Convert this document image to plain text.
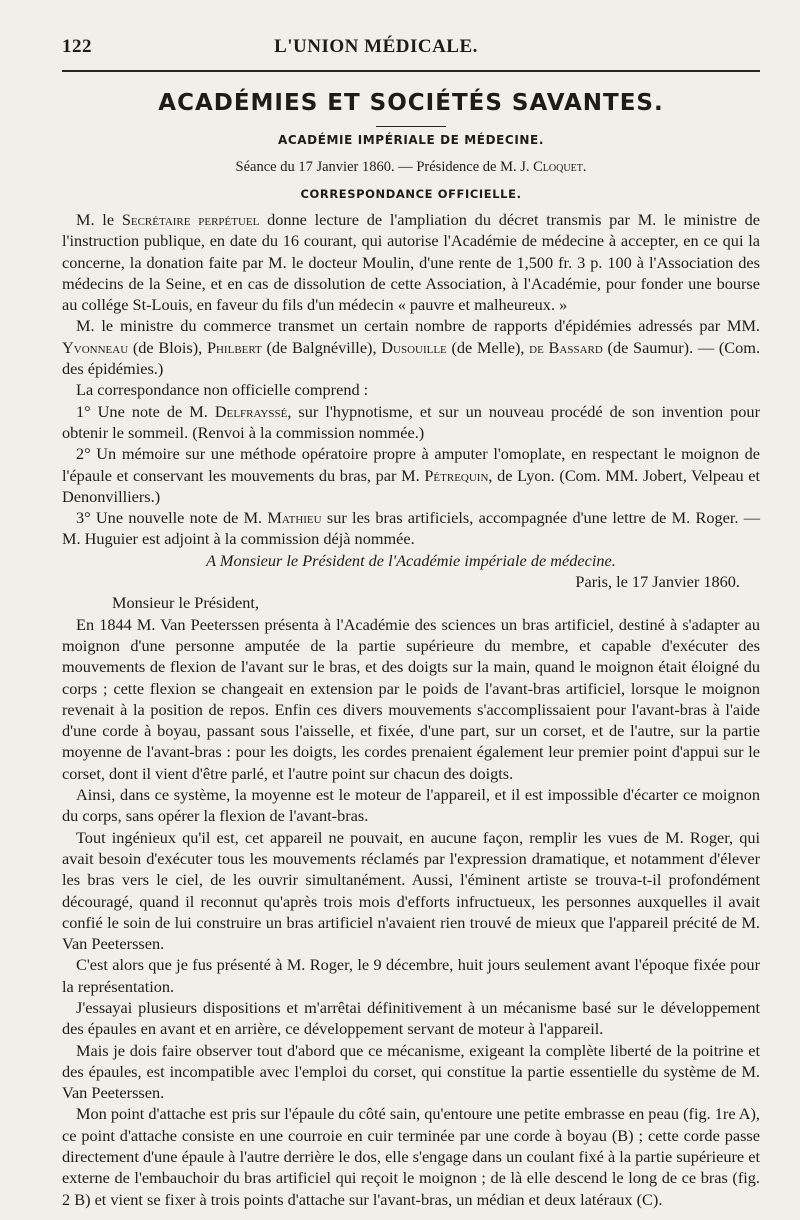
122	L'UNION MÉDICALE.
ACADÉMIES ET SOCIÉTÉS SAVANTES.
ACADÉMIE IMPÉRIALE DE MÉDECINE.
Séance du 17 Janvier 1860. — Présidence de M. J. Cloquet.
CORRESPONDANCE OFFICIELLE.

M. le Secrétaire perpétuel donne lecture de l'ampliation du décret transmis par M. le ministre de l'instruction publique, en date du 16 courant, qui autorise l'Académie de médecine à accepter, en ce qui la concerne, la donation faite par M. le docteur Moulin, d'une rente de 1,500 fr. 3 p. 100 à l'Association des médecins de la Seine, et en cas de dissolution de cette Association, à l'Académie, pour fonder une bourse au collége St-Louis, en faveur du fils d'un médecin « pauvre et malheureux. »

M. le ministre du commerce transmet un certain nombre de rapports d'épidémies adressés par MM. Yvonneau (de Blois), Philbert (de Balgnéville), Dusouille (de Melle), de Bassard (de Saumur). — (Com. des épidémies.)

La correspondance non officielle comprend :

1° Une note de M. Delfrayssé, sur l'hypnotisme, et sur un nouveau procédé de son invention pour obtenir le sommeil. (Renvoi à la commission nommée.)

2° Un mémoire sur une méthode opératoire propre à amputer l'omoplate, en respectant le moignon de l'épaule et conservant les mouvements du bras, par M. Pétrequin, de Lyon. (Com. MM. Jobert, Velpeau et Denonvilliers.)

3° Une nouvelle note de M. Mathieu sur les bras artificiels, accompagnée d'une lettre de M. Roger. — M. Huguier est adjoint à la commission déjà nommée.

A Monsieur le Président de l'Académie impériale de médecine.

Paris, le 17 Janvier 1860.

Monsieur le Président,

En 1844 M. Van Peeterssen présenta à l'Académie des sciences un bras artificiel, destiné à s'adapter au moignon d'une personne amputée de la partie supérieure du membre, et capable d'exécuter des mouvements de flexion de l'avant sur le bras, et des doigts sur la main, quand le moignon était éloigné du corps ; cette flexion se changeait en extension par le poids de l'avant-bras artificiel, lorsque le moignon revenait à la position de repos. Enfin ces divers mouvements s'accomplissaient pour l'avant-bras à l'aide d'une corde à boyau, passant sous l'aisselle, et fixée, d'une part, sur un corset, et de l'autre, sur la partie moyenne de l'avant-bras : pour les doigts, les cordes prenaient également leur premier point d'appui sur le corset, dont il vient d'être parlé, et l'autre point sur chacun des doigts.

Ainsi, dans ce système, la moyenne est le moteur de l'appareil, et il est impossible d'écarter ce moignon du corps, sans opérer la flexion de l'avant-bras.

Tout ingénieux qu'il est, cet appareil ne pouvait, en aucune façon, remplir les vues de M. Roger, qui avait besoin d'exécuter tous les mouvements réclamés par l'expression dramatique, et notamment d'élever les bras vers le ciel, de les ouvrir simultanément. Aussi, l'éminent artiste se trouva-t-il profondément découragé, quand il reconnut qu'après trois mois d'efforts infructueux, les personnes auxquelles il avait confié le soin de lui construire un bras artificiel n'avaient rien trouvé de mieux que l'appareil précité de M. Van Peeterssen.

C'est alors que je fus présenté à M. Roger, le 9 décembre, huit jours seulement avant l'époque fixée pour la représentation.

J'essayai plusieurs dispositions et m'arrêtai définitivement à un mécanisme basé sur le développement des épaules en avant et en arrière, ce développement servant de moteur à l'appareil.

Mais je dois faire observer tout d'abord que ce mécanisme, exigeant la complète liberté de la poitrine et des épaules, est incompatible avec l'emploi du corset, qui constitue la partie essentielle du système de M. Van Peeterssen.

Mon point d'attache est pris sur l'épaule du côté sain, qu'entoure une petite embrasse en peau (fig. 1re A), ce point d'attache consiste en une courroie en cuir terminée par une corde à boyau (B) ; cette corde passe directement d'une épaule à l'autre derrière le dos, elle s'engage dans un coulant fixé à la partie supérieure et externe de l'embauchoir du bras artificiel qui reçoit le moignon ; de là elle descend le long de ce bras (fig. 2 B) et vient se fixer à trois points d'attache sur l'avant-bras, un médian et deux latéraux (C).
